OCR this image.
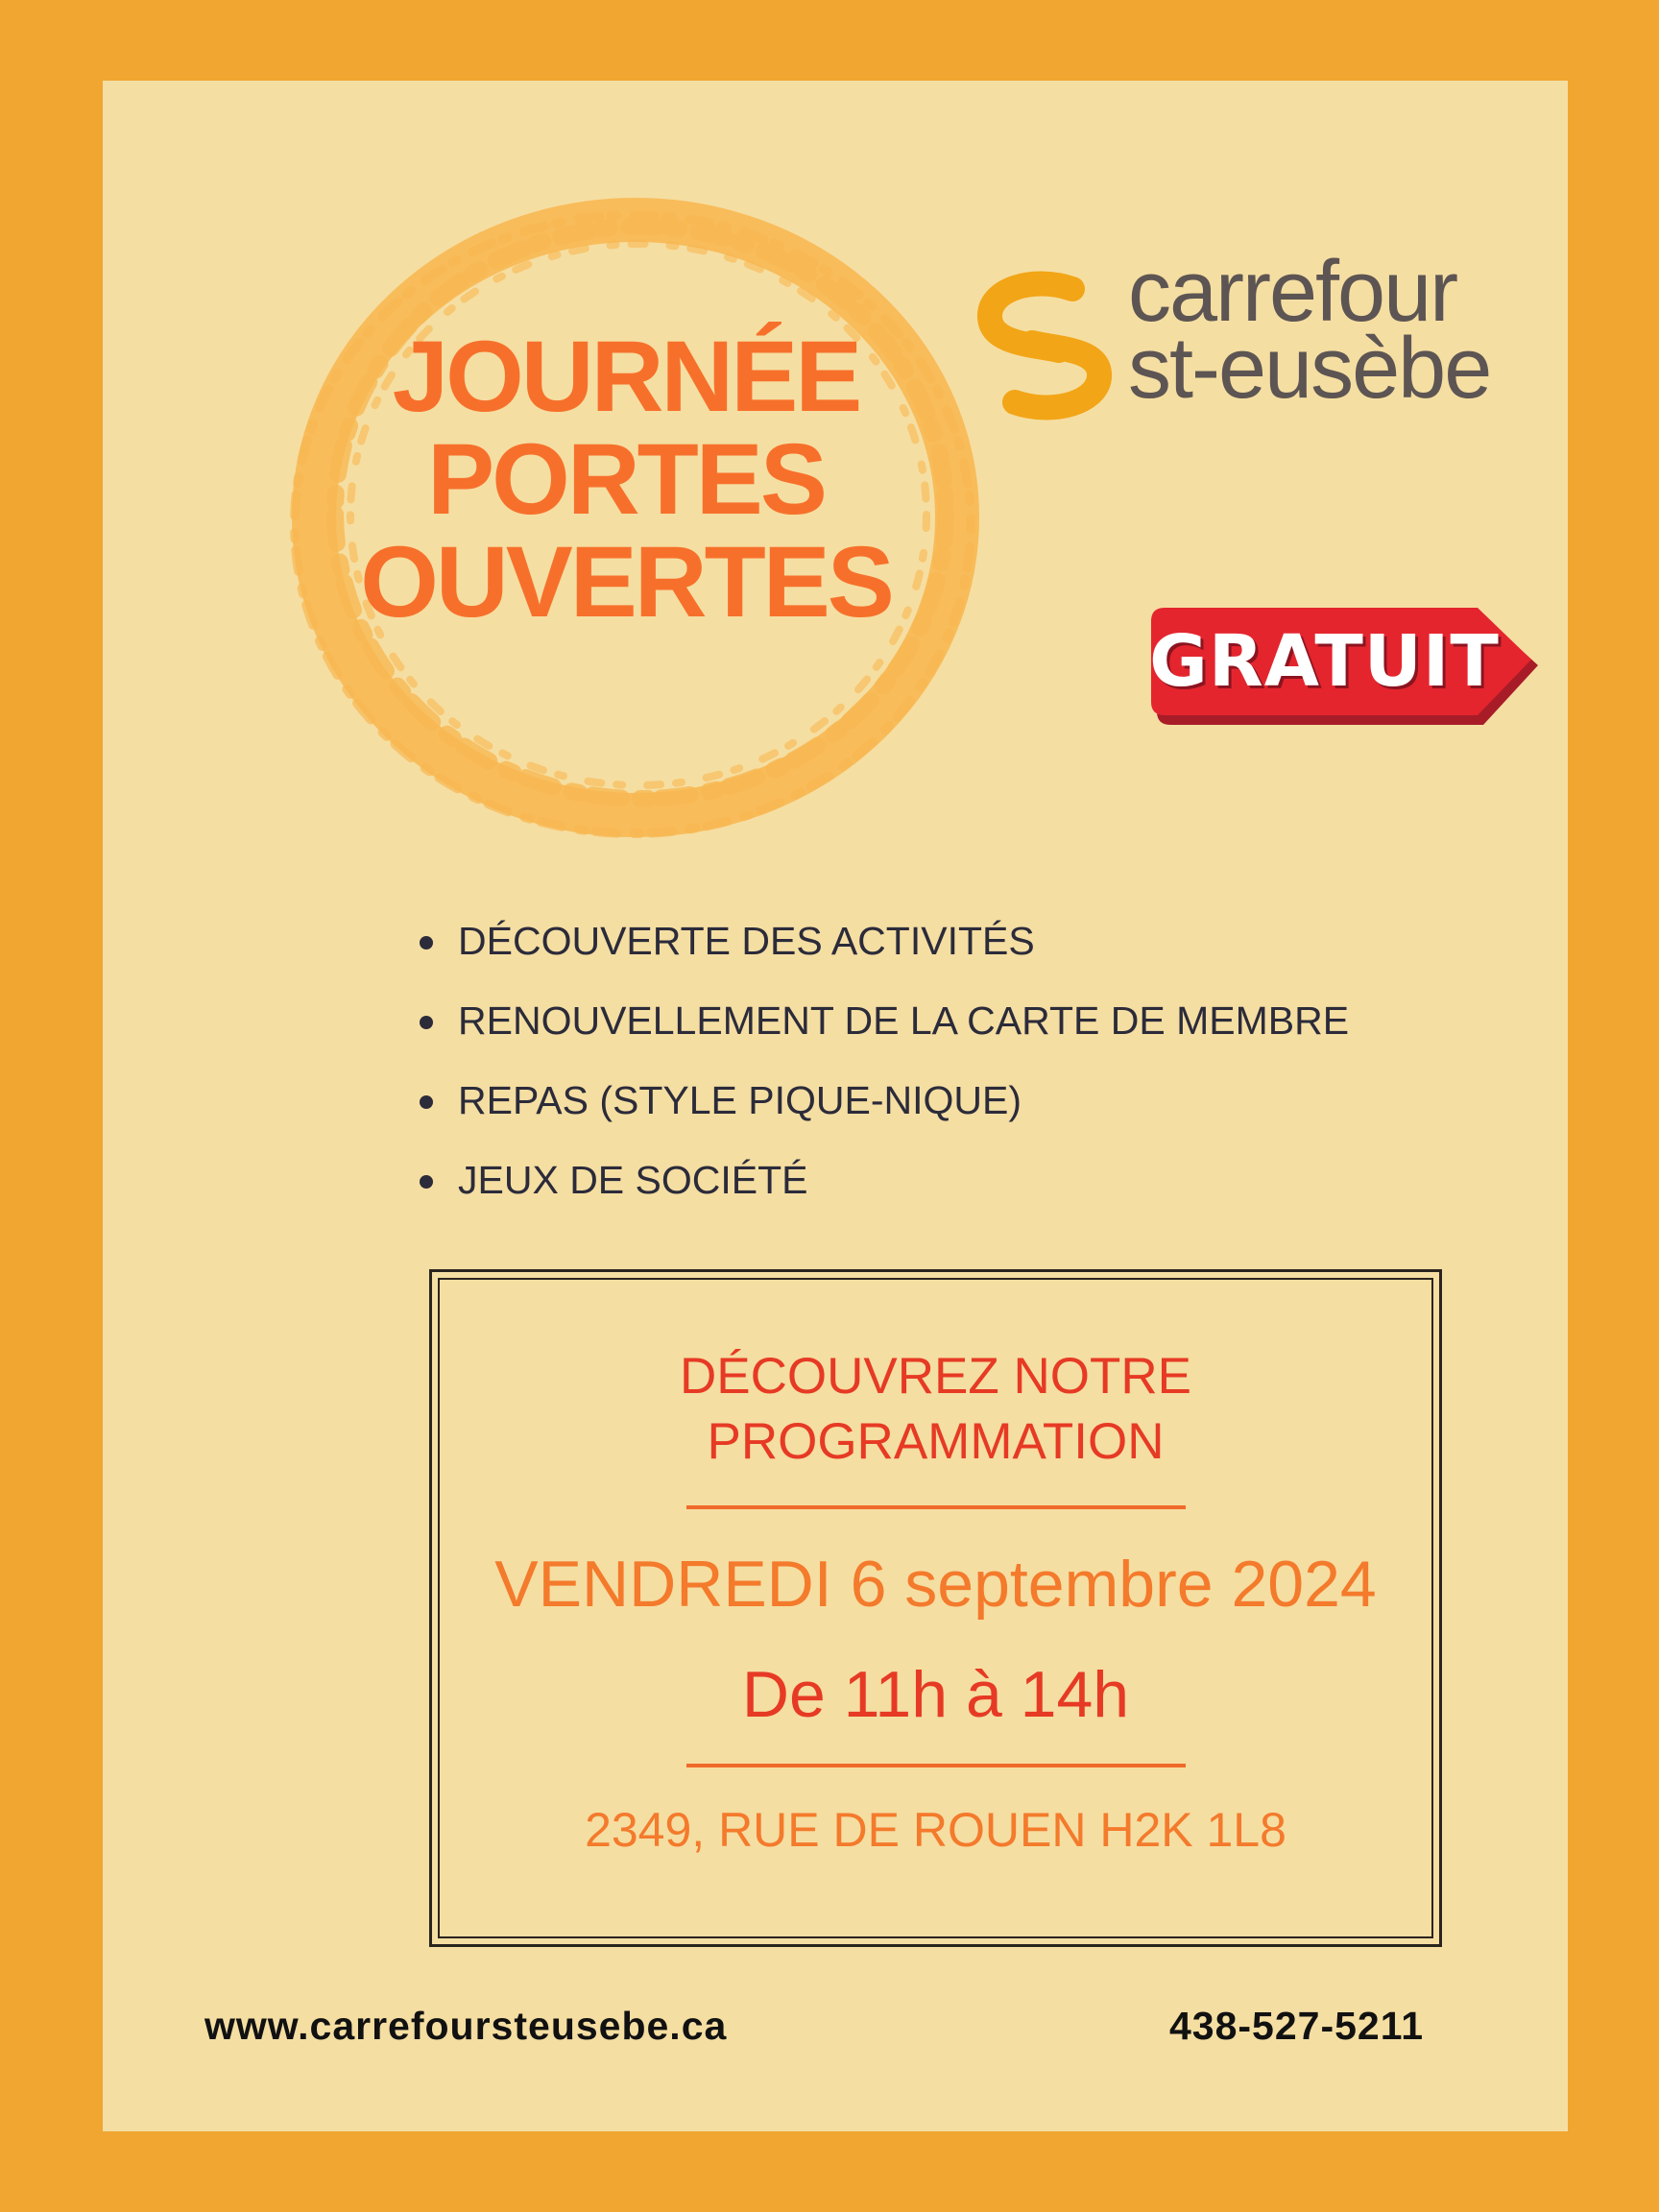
JOURNÉE
PORTES
OUVERTES
carrefour
st-eusèbe
GRATUIT
DÉCOUVERTE DES ACTIVITÉS
RENOUVELLEMENT DE LA CARTE DE MEMBRE
REPAS (STYLE PIQUE-NIQUE)
JEUX DE SOCIÉTÉ
DÉCOUVREZ NOTRE
PROGRAMMATION
VENDREDI 6 septembre 2024
De 11h à 14h
2349, RUE DE ROUEN H2K 1L8
www.carrefoursteusebe.ca	438-527-5211
